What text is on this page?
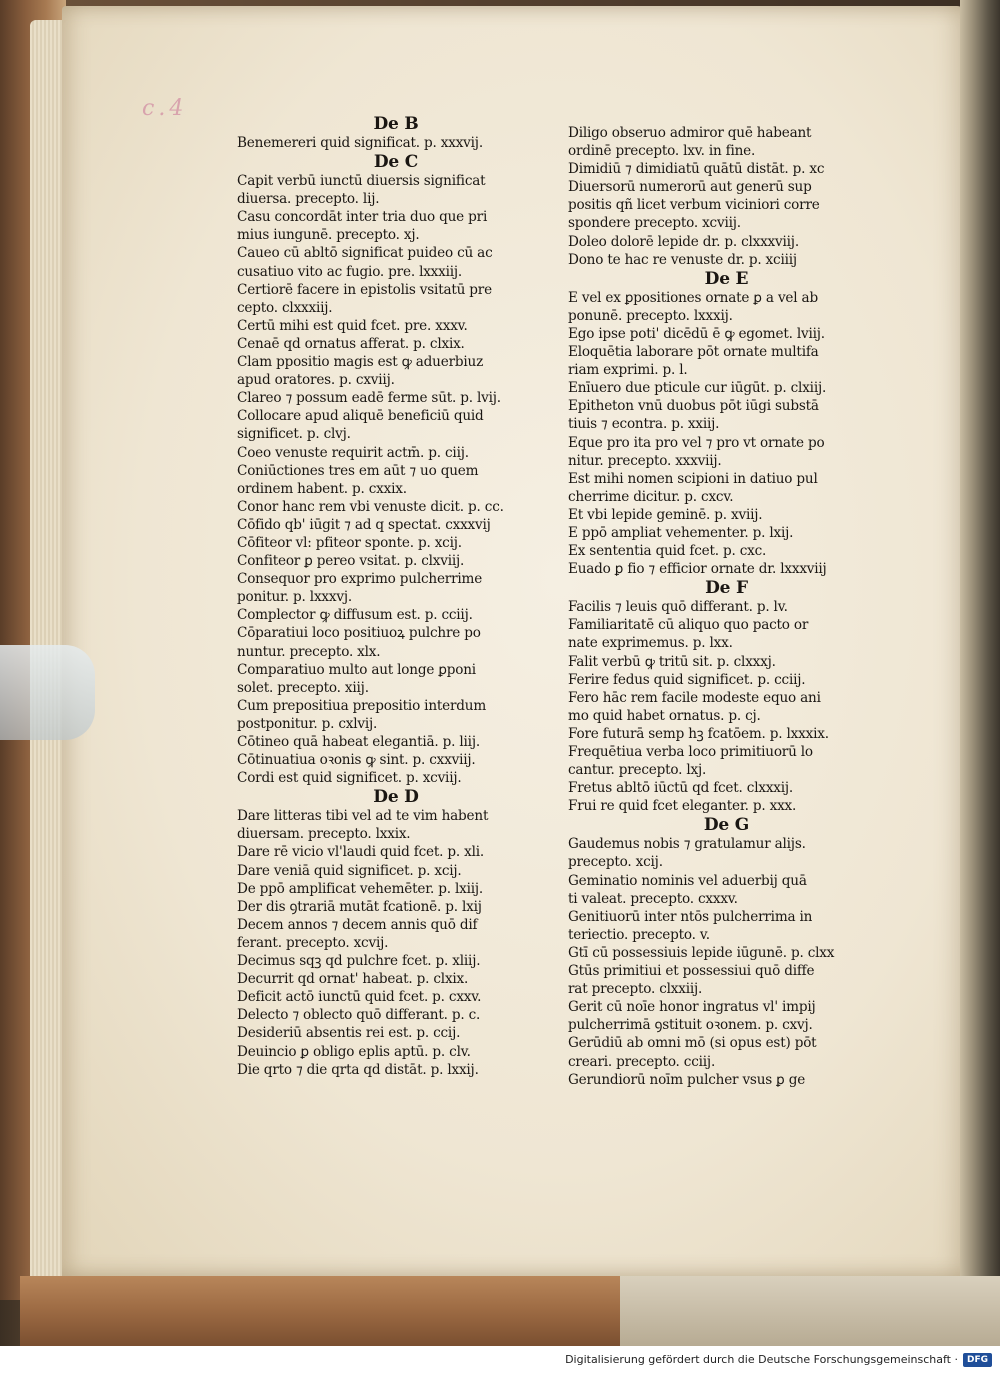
c.4
De B
Benemereri quid significat. p. xxxvij.
De C
Capit verbū iunctū diuersis significat
diuersa. precepto. lij.
Casu concordāt inter tria duo que pri
mius iungunē. precepto. xj.
Caueo cū abltō significat puideo cū ac
cusatiuo vito ac fugio. pre. lxxxiij.
Certiorē facere in epistolis vsitatū pre
cepto. clxxxiij.
Certū mihi est quid fcet. pre. xxxv.
Cenaē qd ornatus afferat. p. clxix.
Clam ppositio magis est ꝙ aduerbiuz
apud oratores. p. cxviij.
Clareo ⁊ possum eadē ferme sūt. p. lvij.
Collocare apud aliquē beneficiū quid
significet. p. clvj.
Coeo venuste requirit actm̄. p. ciij.
Coniūctiones tres em aūt ⁊ uo quem
ordinem habent. p. cxxix.
Conor hanc rem vbi venuste dicit. p. cc.
Cōfido qb' iūgit ⁊ ad q spectat. cxxxvij
Cōfiteor vl: pfiteor sponte. p. xcij.
Confiteor ꝑ pereo vsitat. p. clxviij.
Consequor pro exprimo pulcherrime
ponitur. p. lxxxvj.
Complector ꝙ diffusum est. p. cciij.
Cōparatiui loco positiuoꝝ pulchre po
nuntur. precepto. xlx.
Comparatiuo multo aut longe ꝑponi
solet. precepto. xiij.
Cum prepositiua prepositio interdum
postponitur. p. cxlvij.
Cōtineo quā habeat elegantiā. p. liij.
Cōtinuatiua oꝛonis ꝙ sint. p. cxxviij.
Cordi est quid significet. p. xcviij.
De D
Dare litteras tibi vel ad te vim habent
diuersam. precepto. lxxix.
Dare rē vicio vl'laudi quid fcet. p. xli.
Dare veniā quid significet. p. xcij.
De ppō amplificat vehemēter. p. lxiij.
Der dis ꝯtrariā mutāt fcationē. p. lxij
Decem annos ⁊ decem annis quō dif
ferant. precepto. xcvij.
Decimus sqꝫ qd pulchre fcet. p. xliij.
Decurrit qd ornat' habeat. p. clxix.
Deficit actō iunctū quid fcet. p. cxxv.
Delecto ⁊ oblecto quō differant. p. c.
Desideriū absentis rei est. p. ccij.
Deuincio ꝑ obligo eplis aptū. p. clv.
Die qrto ⁊ die qrta qd distāt. p. lxxij.
Diligo obseruo admiror quē habeant
ordinē precepto. lxv. in fine.
Dimidiū ⁊ dimidiatū quātū distāt. p. xc
Diuersorū numerorū aut generū sup
positis qñ licet verbum viciniori corre
spondere precepto. xcviij.
Doleo dolorē lepide dr. p. clxxxviij.
Dono te hac re venuste dr. p. xciiij
De E
E vel ex ꝑpositiones ornate ꝑ a vel ab
ponunē. precepto. lxxxij.
Ego ipse poti' dicēdū ē ꝙ egomet. lviij.
Eloquētia laborare pōt ornate multifa
riam exprimi. p. l.
Enīuero due pticule cur iūgūt. p. clxiij.
Epitheton vnū duobus pōt iūgi substā
tiuis ⁊ econtra. p. xxiij.
Eque pro ita pro vel ⁊ pro vt ornate po
nitur. precepto. xxxviij.
Est mihi nomen scipioni in datiuo pul
cherrime dicitur. p. cxcv.
Et vbi lepide geminē. p. xviij.
E ppō ampliat vehementer. p. lxij.
Ex sententia quid fcet. p. cxc.
Euado ꝑ fio ⁊ efficior ornate dr. lxxxviij
De F
Facilis ⁊ leuis quō differant. p. lv.
Familiaritatē cū aliquo quo pacto or
nate exprimemus. p. lxx.
Falit verbū ꝙ tritū sit. p. clxxxj.
Ferire fedus quid significet. p. cciij.
Fero hāc rem facile modeste equo ani
mo quid habet ornatus. p. cj.
Fore futurā semp hꝫ fcatōem. p. lxxxix.
Frequētiua verba loco primitiuorū lo
cantur. precepto. lxj.
Fretus abltō iūctū qd fcet. clxxxij.
Frui re quid fcet eleganter. p. xxx.
De G
Gaudemus nobis ⁊ gratulamur alijs.
precepto. xcij.
Geminatio nominis vel aduerbij quā
ti valeat. precepto. cxxxv.
Genitiuorū inter ntōs pulcherrima in
teriectio. precepto. v.
Gtī cū possessiuis lepide iūgunē. p. clxx
Gtūs primitiui et possessiui quō diffe
rat precepto. clxxiij.
Gerit cū noīe honor ingratus vl' impij
pulcherrimā ꝯstituit oꝛonem. p. cxvj.
Gerūdiū ab omni mō (si opus est) pōt
creari. precepto. cciij.
Gerundiorū noīm pulcher vsus ꝑ ge
Digitalisierung gefördert durch die Deutsche Forschungsgemeinschaft ·	DFG
